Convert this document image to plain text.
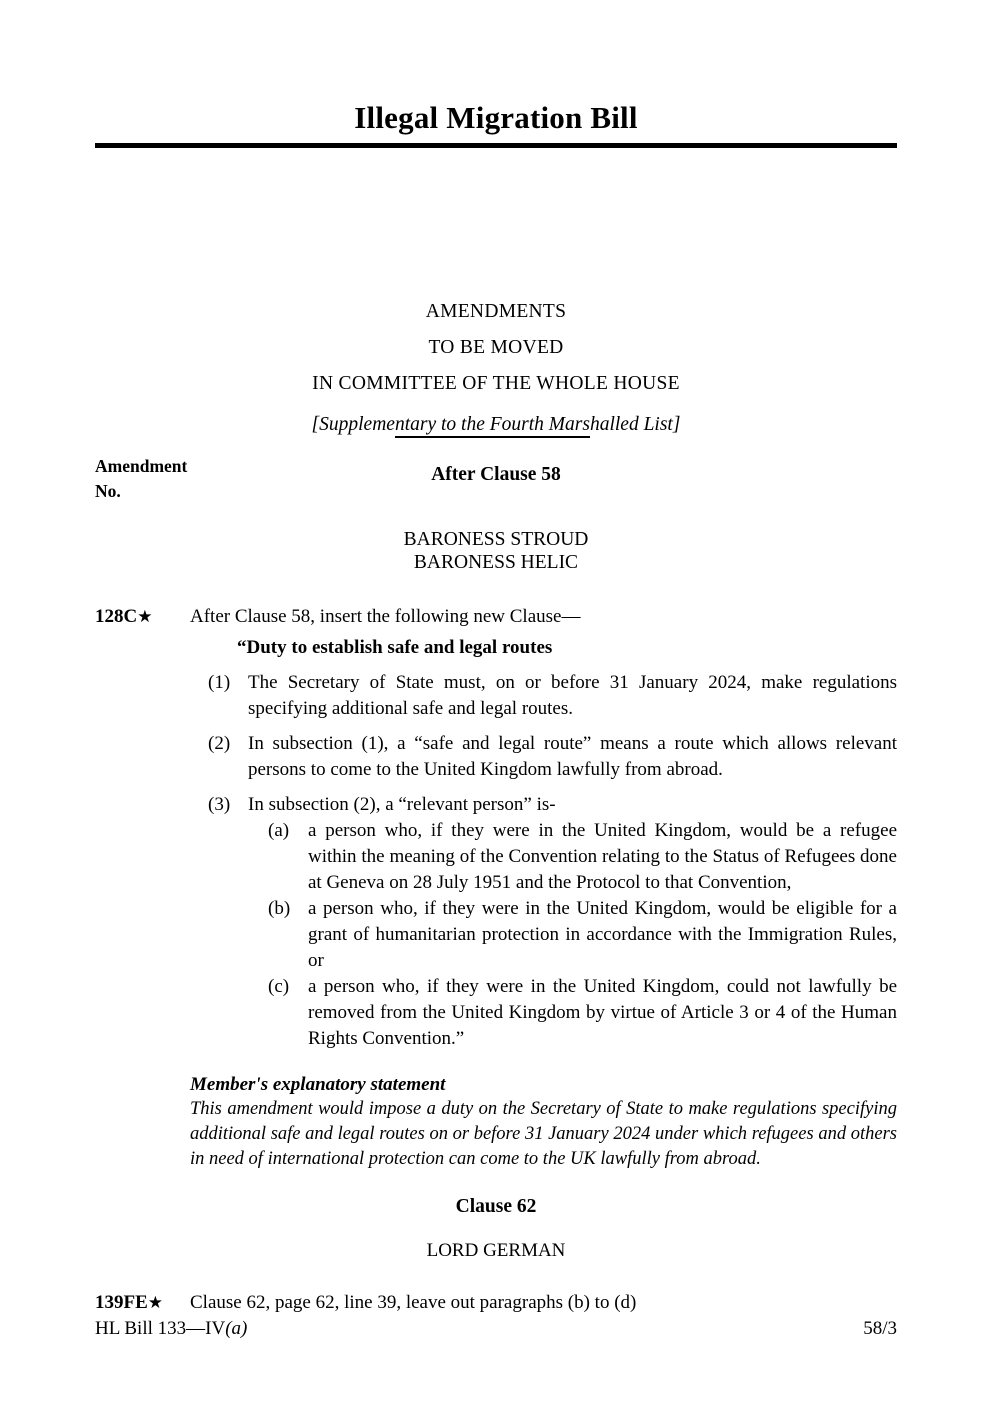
Illegal Migration Bill

AMENDMENTS

TO BE MOVED

IN COMMITTEE OF THE WHOLE HOUSE

[Supplementary to the Fourth Marshalled List]

Amendment
No.
After Clause 58
BARONESS STROUD
BARONESS HELIC
128C★	After Clause 58, insert the following new Clause—

“Duty to establish safe and legal routes

(1) The Secretary of State must, on or before 31 January 2024, make regulations specifying additional safe and legal routes.
(2) In subsection (1), a “safe and legal route” means a route which allows relevant persons to come to the United Kingdom lawfully from abroad.
(3) In subsection (2), a “relevant person” is-
(a) a person who, if they were in the United Kingdom, would be a refugee within the meaning of the Convention relating to the Status of Refugees done at Geneva on 28 July 1951 and the Protocol to that Convention,
(b) a person who, if they were in the United Kingdom, would be eligible for a grant of humanitarian protection in accordance with the Immigration Rules, or
(c) a person who, if they were in the United Kingdom, could not lawfully be removed from the United Kingdom by virtue of Article 3 or 4 of the Human Rights Convention.”

Member's explanatory statement

This amendment would impose a duty on the Secretary of State to make regulations specifying additional safe and legal routes on or before 31 January 2024 under which refugees and others in need of international protection can come to the UK lawfully from abroad.

Clause 62
LORD GERMAN
139FE★	Clause 62, page 62, line 39, leave out paragraphs (b) to (d)

HL Bill 133—IV(a)	58/3
